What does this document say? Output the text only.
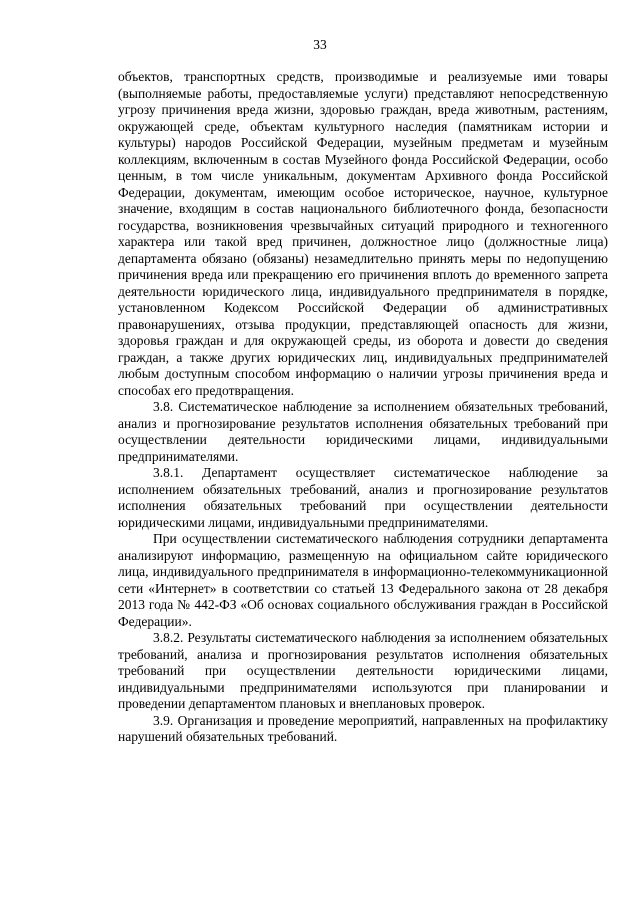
33

объектов, транспортных средств, производимые и реализуемые ими товары (выполняемые работы, предоставляемые услуги) представляют непосредственную угрозу причинения вреда жизни, здоровью граждан, вреда животным, растениям, окружающей среде, объектам культурного наследия (памятникам истории и культуры) народов Российской Федерации, музейным предметам и музейным коллекциям, включенным в состав Музейного фонда Российской Федерации, особо ценным, в том числе уникальным, документам Архивного фонда Российской Федерации, документам, имеющим особое историческое, научное, культурное значение, входящим в состав национального библиотечного фонда, безопасности государства, возникновения чрезвычайных ситуаций природного и техногенного характера или такой вред причинен, должностное лицо (должностные лица) департамента обязано (обязаны) незамедлительно принять меры по недопущению причинения вреда или прекращению его причинения вплоть до временного запрета деятельности юридического лица, индивидуального предпринимателя в порядке, установленном Кодексом Российской Федерации об административных правонарушениях, отзыва продукции, представляющей опасность для жизни, здоровья граждан и для окружающей среды, из оборота и довести до сведения граждан, а также других юридических лиц, индивидуальных предпринимателей любым доступным способом информацию о наличии угрозы причинения вреда и способах его предотвращения.

3.8. Систематическое наблюдение за исполнением обязательных требований, анализ и прогнозирование результатов исполнения обязательных требований при осуществлении деятельности юридическими лицами, индивидуальными предпринимателями.

3.8.1. Департамент осуществляет систематическое наблюдение за исполнением обязательных требований, анализ и прогнозирование результатов исполнения обязательных требований при осуществлении деятельности юридическими лицами, индивидуальными предпринимателями.

При осуществлении систематического наблюдения сотрудники департамента анализируют информацию, размещенную на официальном сайте юридического лица, индивидуального предпринимателя в информационно-телекоммуникационной сети «Интернет» в соответствии со статьей 13 Федерального закона от 28 декабря 2013 года № 442-ФЗ «Об основах социального обслуживания граждан в Российской Федерации».

3.8.2. Результаты систематического наблюдения за исполнением обязательных требований, анализа и прогнозирования результатов исполнения обязательных требований при осуществлении деятельности юридическими лицами, индивидуальными предпринимателями используются при планировании и проведении департаментом плановых и внеплановых проверок.

3.9. Организация и проведение мероприятий, направленных на профилактику нарушений обязательных требований.
